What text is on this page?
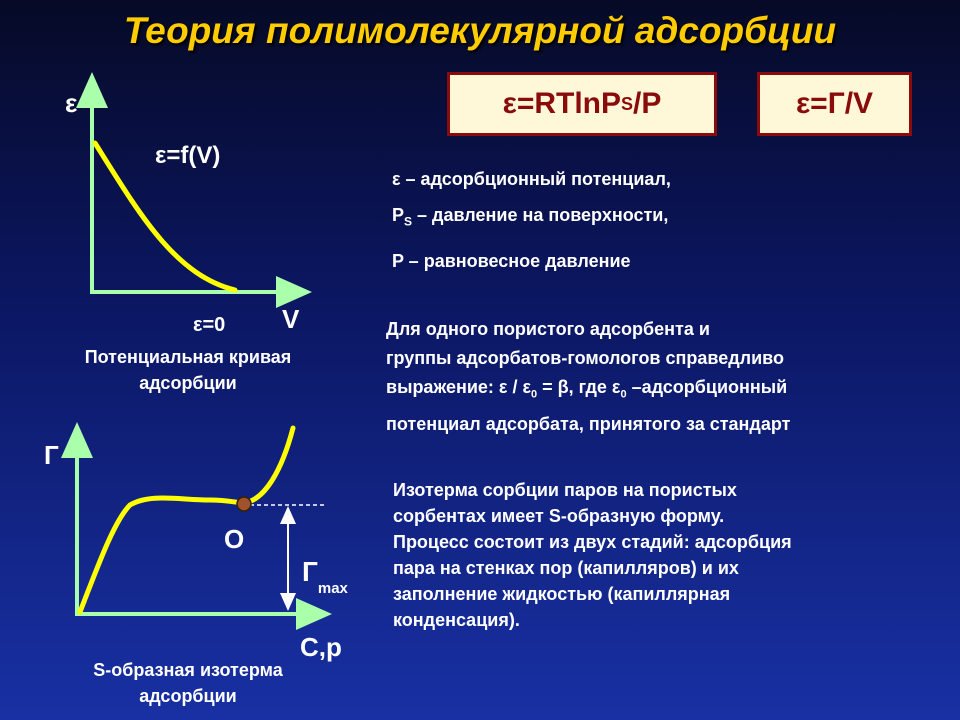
Теория полимолекулярной адсорбции
ε=RTlnP S /P	ε=Г/V
ε – адсорбционный потенциал,
$P_S$ – давление на поверхности,
P – равновесное давление
ε
V
ε=f(V)
ε=0
Потенциальная кривая
адсорбции
Г
С,р
O
Гmax
S-образная изотерма
адсорбции
Для одного пористого адсорбента и
группы адсорбатов-гомологов справедливо
выражение: $\varepsilon / \varepsilon_0 = \beta$, где $\varepsilon_0$ –адсорбционный
потенциал адсорбата, принятого за стандарт
Изотерма сорбции паров на пористых
сорбентах имеет S-образную форму.
Процесс состоит из двух стадий: адсорбция
пара на стенках пор (капилляров) и их
заполнение жидкостью (капиллярная
конденсация).
